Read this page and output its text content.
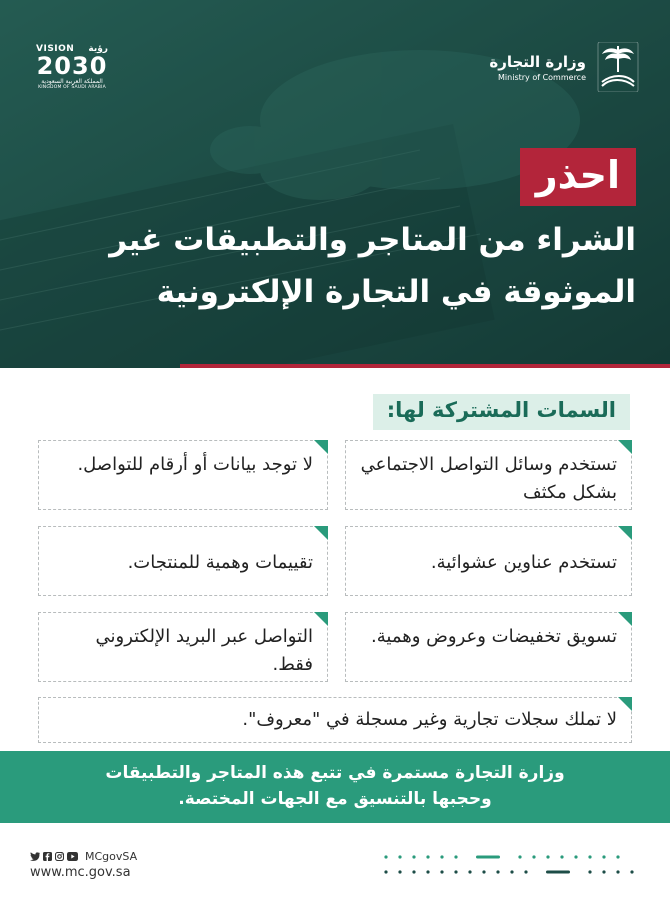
VISION رؤية
2030
المملكة العربية السعودية
KINGDOM OF SAUDI ARABIA
وزارة التجارة
Ministry of Commerce
احذر
الشراء من المتاجر والتطبيقات غير
الموثوقة في التجارة الإلكترونية
السمات المشتركة لها:
تستخدم وسائل التواصل الاجتماعي بشكل مكثف
لا توجد بيانات أو أرقام للتواصل.
تستخدم عناوين عشوائية.
تقييمات وهمية للمنتجات.
تسويق تخفيضات وعروض وهمية.
التواصل عبر البريد الإلكتروني فقط.
لا تملك سجلات تجارية وغير مسجلة في "معروف".
وزارة التجارة مستمرة في تتبع هذه المتاجر والتطبيقات
وحجبها بالتنسيق مع الجهات المختصة.
MCgovSA
www.mc.gov.sa
